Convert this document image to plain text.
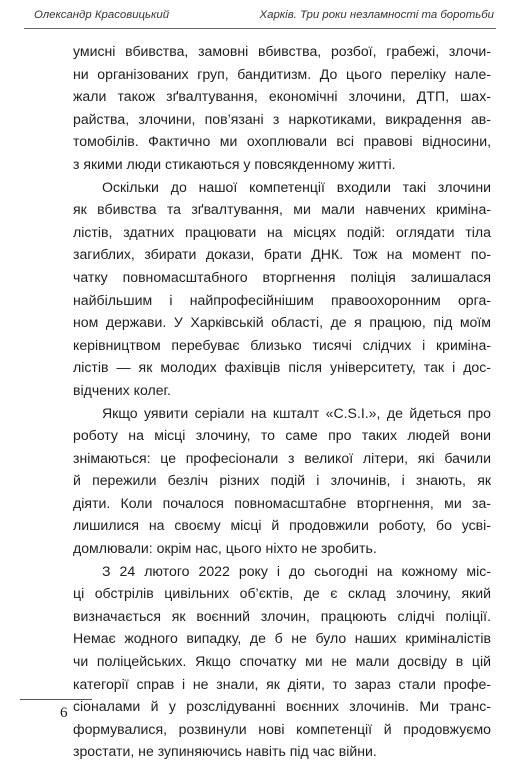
Олександр Красовицький	Харків. Три роки незламності та боротьби
умисні вбивства, замовні вбивства, розбої, грабежі, злочи-
ни організованих груп, бандитизм. До цього переліку нале-
жали також зґвалтування, економічні злочини, ДТП, шах-
райства, злочини, пов’язані з наркотиками, викрадення ав-
томобілів. Фактично ми охоплювали всі правові відносини,
з якими люди стикаються у повсякденному житті.
Оскільки до нашої компетенції входили такі злочини
як вбивства та зґвалтування, ми мали навчених криміна-
лістів, здатних працювати на місцях подій: оглядати тіла
загиблих, збирати докази, брати ДНК. Тож на момент по-
чатку повномасштабного вторгнення поліція залишалася
найбільшим і найпрофесійнішим правоохоронним орга-
ном держави. У Харківській області, де я працюю, під моїм
керівництвом перебуває близько тисячі слідчих і криміна-
лістів — як молодих фахівців після університету, так і дос-
відчених колег.
Якщо уявити серіали на кшталт «C.S.I.», де йдеться про
роботу на місці злочину, то саме про таких людей вони
знімаються: це професіонали з великої літери, які бачили
й пережили безліч різних подій і злочинів, і знають, як
діяти. Коли почалося повномасштабне вторгнення, ми за-
лишилися на своєму місці й продовжили роботу, бо усві-
домлювали: окрім нас, цього ніхто не зробить.
З 24 лютого 2022 року і до сьогодні на кожному міс-
ці обстрілів цивільних об’єктів, де є склад злочину, який
визначається як воєнний злочин, працюють слідчі поліції.
Немає жодного випадку, де б не було наших криміналістів
чи поліцейських. Якщо спочатку ми не мали досвіду в цій
категорії справ і не знали, як діяти, то зараз стали профе-
сіоналами й у розслідуванні воєнних злочинів. Ми транс-
формувалися, розвинули нові компетенції й продовжуємо
зростати, не зупиняючись навіть під час війни.
6
